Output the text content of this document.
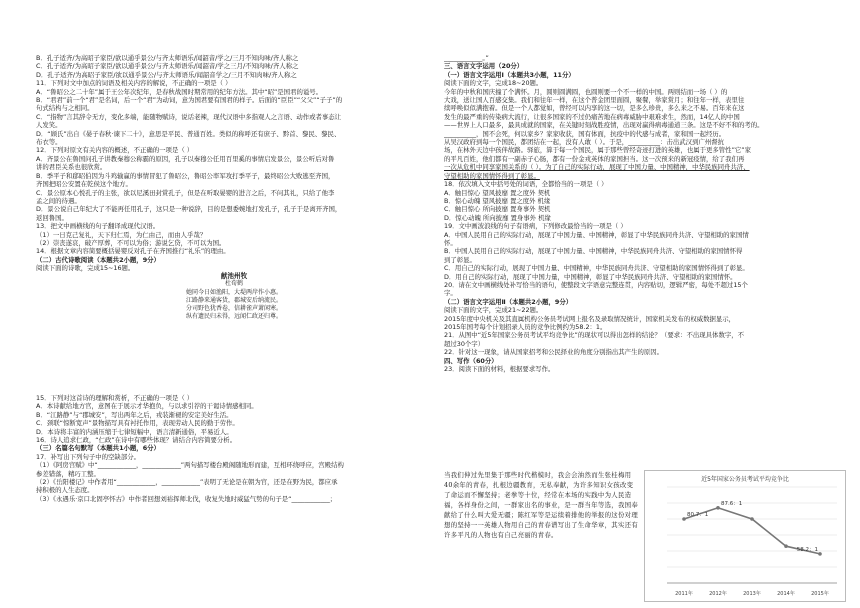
B．孔子适齐/为高昭子家臣/欲以通乎景公/与齐太师语乐/闻韶音/学之/三月不知肉味/齐人称之
C．孔子适齐/为高昭子家臣/欲以通乎景公/与齐太师语乐/闻韶音/学之三月/不知肉味/齐人称之
D．孔子适齐/为高昭子家臣/欲以通乎景公/与齐太师语乐/闻韶音学之/三月不知肉味/齐人称之
11．下列对文中加点的词语及相关内容的解说，不正确的一项是（ ）
A．“鲁昭公之二十年”属于王公年次纪年，是春秋战国时期常用的纪年方法。其中“昭”是国君的谥号。
B．“君君”前一个“君”是名词，后一个“君”为动词，意为国君要有国君的样子。后面的“臣臣”“父父”“子子”的
句式结构与之相同。
C．“指物”言其辞令无方，变化多端，能随物赋诗，说话老辣，现代汉语中多指观人之言语、动作或者事态让
人发笑。
D．“顾氏”出自《晏子春秋·谏下二十》，意思是平民、普通百姓。类似的称呼还有庶子、黔首、黎民、黎民、
布衣等。
12．下列对原文有关内容的概述，不正确的一项是（ ）
A．齐景公在鲁国问孔子讲教秦穆公称霸的原因，孔子以秦穆公任用百里奚的事情启发景公，景公听后对鲁
讲的君臣关系也很欣赏。
B．季平子和郈昭伯因为斗鸡输赢的事情冒犯了鲁昭公，鲁昭公率军攻打季平子，最终昭公大败逃至齐国，
齐国把昭公安置在乾侯这个地方。
C．景公原本心悦孔子的主张，欲以尼溪田封赏孔子，但是在听取晏婴的进言之后，不问其礼，只给了他李
孟之间的待遇。
D．景公说自己年纪大了不能再任用孔子，这只是一种说辞，目的是想委婉地打发孔子，孔子于是离开齐国，
返回鲁国。
13．把文中画横线的句子翻译成现代汉语。
（1）一日克己复礼，天下归仁焉，为仁由己，而由人乎哉？
（2）崇丧遂哀，破产厚葬，不可以为俗；游说乞贷，不可以为国。
14．根据文章内容简要概括晏婴反对孔子在齐国推行“礼乐”的理由。
（二）古代诗歌阅读（本题共2小题，9分）
阅读下面的诗歌，完成15~16题。
献池州牧
杜荀鹤
她同今日如渔阳，大堤两岸作小惠。
江路静来通客货，郡城安后纳流民。
分司野色犹香卷，信耕雀声萧闲寒。
纵有遗民归未得，远闻仁政还归尊。
15．下列对这首诗的理解和赏析，不正确的一项是（ ）
A．本诗献给地方官，意图在于展示才华抱负，与以求引荐的干谒诗情感相同。
B．“江路静”与“郡城安”，写出两年之后，戎装渐褪的安定美好生活。
C．颈联“惊断宽声”景物描写具有衬托作用，表现劳动人民的勤于劳作。
D．本诗将丰富的内涵压缩于七律短幅中，语言清新通俗，平易近人。
16．诗人追求仁政，“仁政”在诗中有哪些体现？请结合内容简要分析。
（三）名篇名句默写（本题共1小题，6分）
17．补写出下列句子中的空缺部分。
（1）《阿房宫赋》中“____________，____________”两句描写楼台殿阁随地形而建，互相环绕呼应，宫殿结构
参差错落，精巧工整。
（2）《岳阳楼记》中作者用“____________，____________”表明了无论是在朝为官，还是在野为民，都应承
持积极的人生态度。
（3）《永遇乐·京口北固亭怀古》中作者回想刘裕挥师北伐，收复失地时威猛气势的句子是“____________；
____________。”
三、语言文字运用（20分）
（一）语言文字运用Ⅰ（本题共3小题，11分）
阅读下面的文字，完成18~20题。
今年的中秋和国庆撞了个满怀。月，圆则圆满圆，也圆则要一个不一样的中国。两则结而一场（ ）的
大戏，送让国人百感交集。我们和往年一样，在这个普金团里面圆，聚餐，举家赏月；和往年一样，表里往
续呼唤似似满抱着。但是一个人都觉如，曾经可以内享的这一切，是多么珍贵，多么来之不易。百年来在这
发生的最严重的传染病大流行，让很多国家的不过仍痛苦地在病毒威胁中艰难求生，然而，14亿人的中国
——世界上人口最多，最具成就的国家，在关键时刻战胜疫情，出现对赢得病毒通道三条。这是不好不和的考的。
__________，国不会死，何以家乡？家家收获，国有体面，抗疫中的代感与成者，家和国一起经历。
从吴汉政府到每一个国民，都团结在一起，没有人敢（ ）。于是，__________：击出武汉到广州督抗
场，在林外天边中孩伴故路。驿旅，算于每一个国民，属于那些曾经奇迹打进的英雄，也属于更多管性”它”家
的平凡百姓，他们都有一副赤子心肠，都有一份金戎英体的家国担当。这一次预来的新冠疫情，给了我们再
一次从危机中同享家国关系的（ ）。为了自己的实际行动，展现了中国力量、中国精神，中华民族同舟共济、
守望相助的家国情怀得到了彰显。
18．依次填入文中括号处的词语，全都恰当的一项是（ ）
A．触目惊心 望风披靡 置之度外 契机
B．惊心动魄 望风披靡 置之度外 机缘
C．触目惊心 所向披靡 置身事外 契机
D．惊心动魄 所向披靡 置身事外 机缘
19．文中画波浪线的句子有语病，下列修改最恰当的一项是（ ）
A．中国人民用自己的实际行动，展现了中国力量、中国精神，彰显了中华民族同舟共济、守望相助的家国情
怀。
B．中国人民用自己的实际行动，展现了中国力量、中国精神，中华民族同舟共济、守望相助的家国情怀得
到了彰显。
C．用自己的实际行动，展现了中国力量、中国精神，中华民族同舟共济、守望相助的家国情怀得到了彰显。
D．用自己的实际行动，展现了中国力量，中国精神，彰显了中华民族同舟共济、守望相助的家国情怀。
20．请在文中画横线处补写恰当的语句，使整段文字语意完整连贯，内容贴切，逻辑严密，每处不超过15个
字。
（二）语言文字运用Ⅱ（本题共2小题，9分）
阅读下面的文字，完成21~22题。
2015年度中央机关及其直属机构公务员考试网上报名及录取情况统计，国家机关发布的权威数据显示，
2015年国考每个计划招录人员的竞争比例约为58.2：1。
21．从图中“近5年国家公务员考试平均竞争比”的现状可以得出怎样的结论？（要求：不出现具体数字，不
超过30个字）
22．针对这一现象，请从国家招考和公民择业的角度分别指出其产生的原因。
四、写作（60分）
23．阅读下面的材料，根据要求写作。
当我们伸过先里集于那些时代楷模时，我会会油然而生张桂梅用40余年的青春，扎根边疆教育，无私奉献，为许多知识女孩改变了命运而不懈坚持；老拳等十位，经常在本场的实践中为人民造福，各样身份之间，一群家出名的事业，是一群当年等选，我国奉献给了什么叫大爱无疆；陈红军等是运续着排他的举报的这份对理想的坚持一一英雄人物用自己的青春谱写出了生命华章，其实还有许多平凡的人物也有自己亮丽的青春。
近5年国家公务员考试平均竞争比
80.7：1
2011年
87.6：1
2012年	2013年	2014年
58.2：1
2015年
